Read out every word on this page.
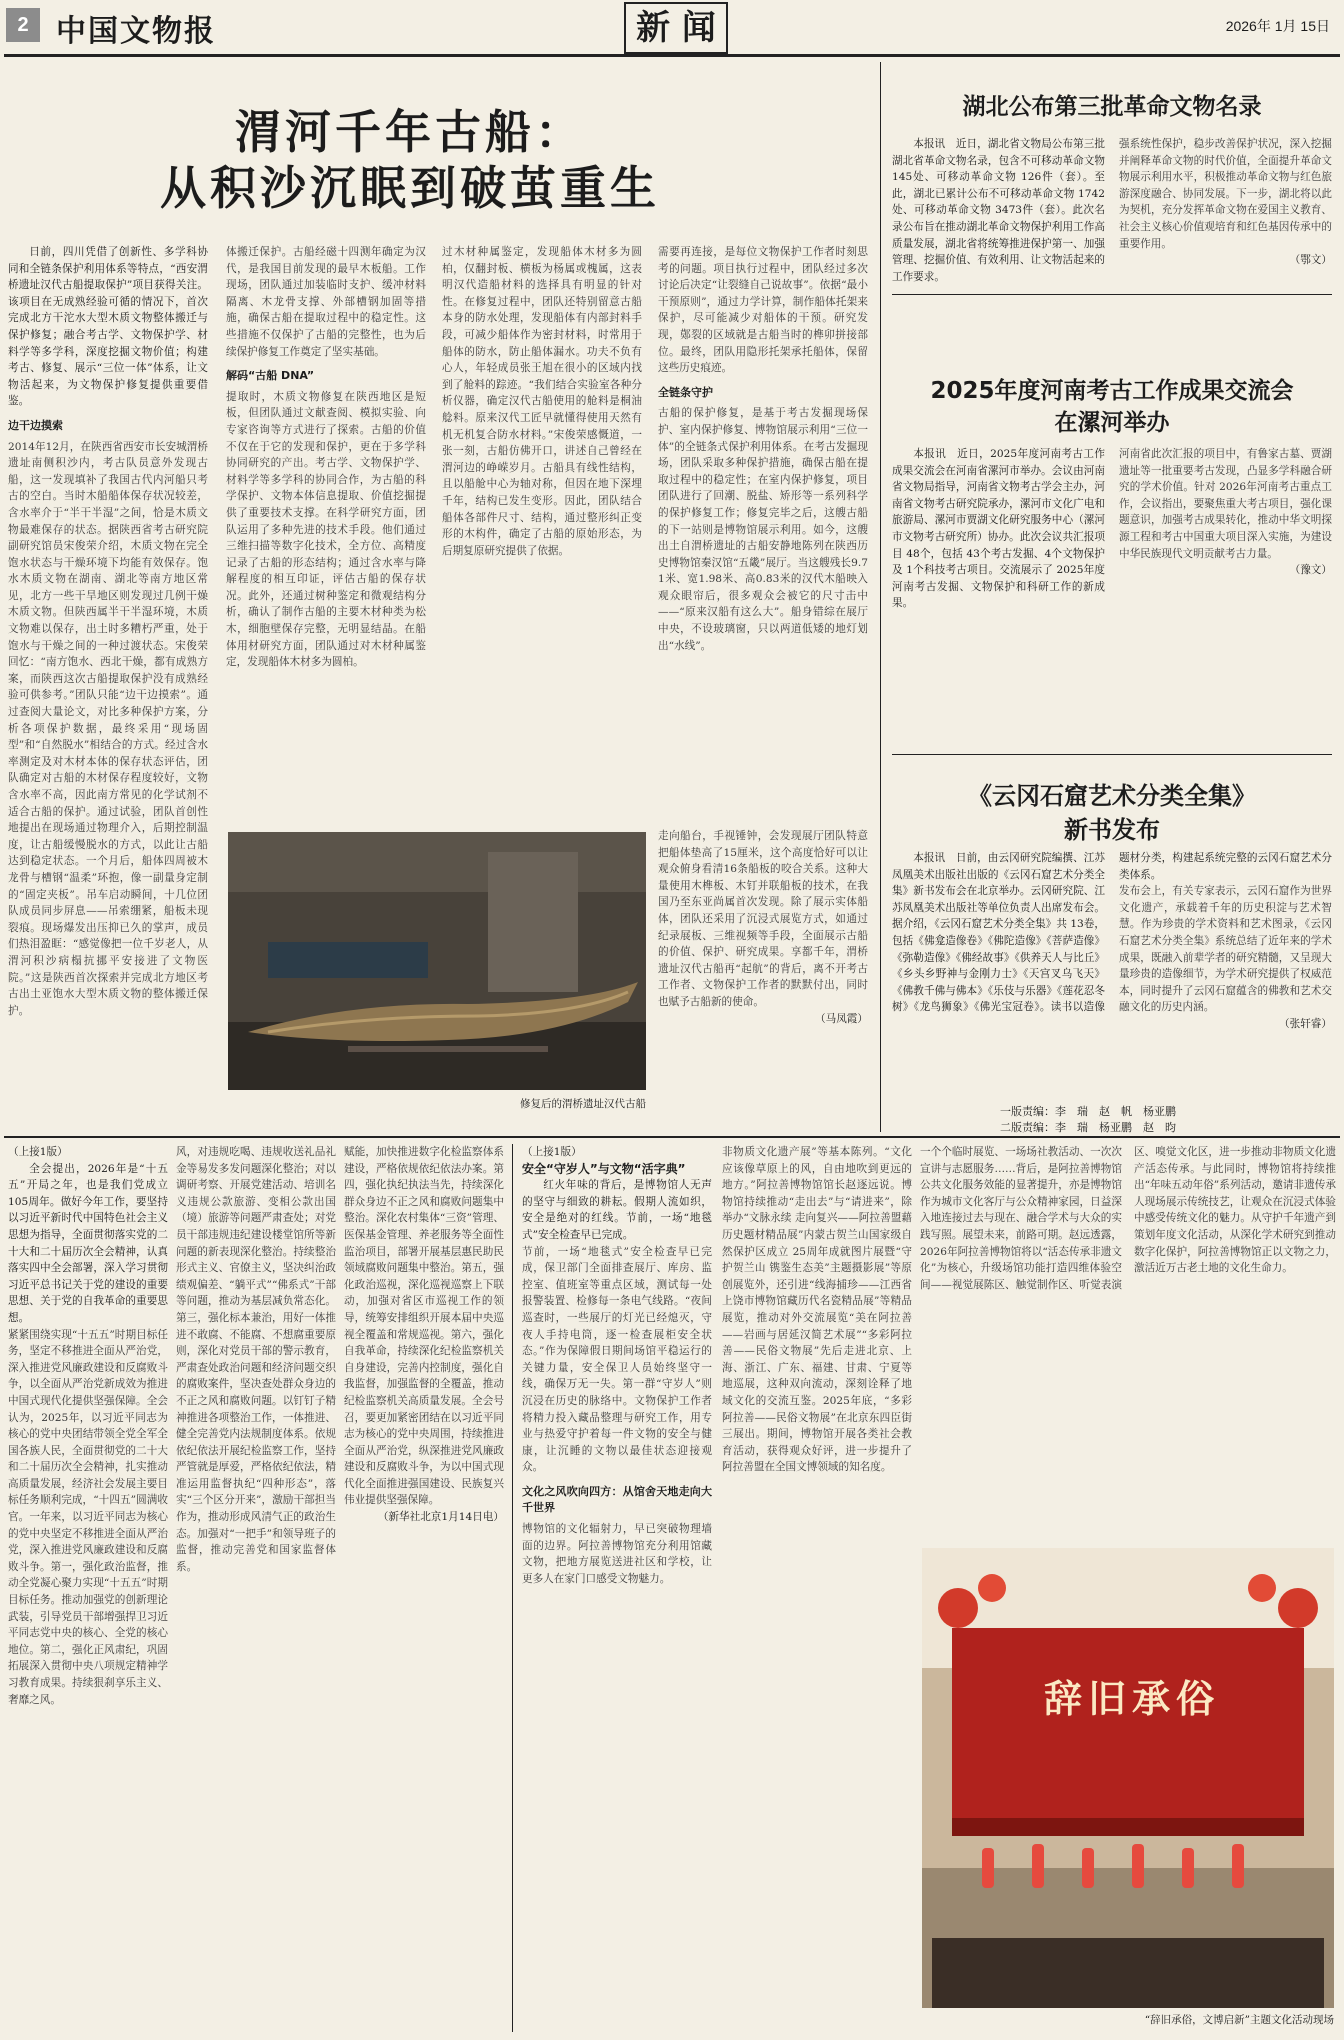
2 中国文物报	新 闻	2026年 1月 15日
渭河千年古船：
从积沙沉眠到破茧重生

日前，四川凭借了创新性、多学科协同和全链条保护利用体系等特点，“西安渭桥遗址汉代古船提取保护”项目获得关注。该项目在无成熟经验可循的情况下，首次完成北方干沱水大型木质文物整体搬迁与保护修复；融合考古学、文物保护学、材料学等多学科，深度挖掘文物价值；构建考古、修复、展示“三位一体”体系，让文物活起来，为文物保护修复提供重要借鉴。

边干边摸索
2014年12月，在陕西省西安市长安城渭桥遗址南侧积沙内，考古队员意外发现古船，这一发现填补了我国古代内河船只考古的空白。当时木船船体保存状况较差，含水率介于“半干半湿”之间，恰是木质文物最难保存的状态。据陕西省考古研究院副研究馆员宋俊荣介绍，木质文物在完全饱水状态与干燥环境下均能有效保存。饱水木质文物在湖南、湖北等南方地区常见，北方一些干旱地区则发现过几例干燥木质文物。但陕西属半干半湿环境，木质文物难以保存，出土时多糟朽严重，处于饱水与干燥之间的一种过渡状态。宋俊荣回忆：“南方饱水、西北干燥，都有成熟方案，而陕西这次古船提取保护没有成熟经验可供参考。”团队只能“边干边摸索”。通过查阅大量论文，对比多种保护方案，分析各项保护数据，最终采用“现场固型”和“自然脱水”相结合的方式。经过含水率测定及对木材本体的保存状态评估，团队确定对古船的木材保存程度较好，文物含水率不高，因此南方常见的化学试剂不适合古船的保护。通过试验，团队首创性地提出在现场通过物理介入，后期控制温度，让古船缓慢脱水的方式，以此让古船达到稳定状态。一个月后，船体四周被木龙骨与槽钢“温柔”环抱，像一副量身定制的“固定夹板”。吊车启动瞬间，十几位团队成员同步屏息——吊索绷紧，船板未现裂痕。现场爆发出压抑已久的掌声，成员们热泪盈眶：“感觉像把一位千岁老人，从渭河积沙病榻抗挪平安接进了文物医院。”这是陕西首次探索并完成北方地区考古出土亚饱水大型木质文物的整体搬迁保护。
体搬迁保护。古船经磁十四测年确定为汉代，是我国目前发现的最早木板船。工作现场，团队通过加装临时支护、缓冲材料隔离、木龙骨支撑、外部槽钢加固等措施，确保古船在提取过程中的稳定性。这些措施不仅保护了古船的完整性，也为后续保护修复工作奠定了坚实基础。
解码“古船 DNA”
提取时，木质文物修复在陕西地区是短板，但团队通过文献查阅、模拟实验、向专家咨询等方式进行了探索。古船的价值不仅在于它的发现和保护，更在于多学科协同研究的产出。考古学、文物保护学、材料学等多学科的协同合作，为古船的科学保护、文物本体信息提取、价值挖掘提供了重要技术支撑。在科学研究方面，团队运用了多种先进的技术手段。他们通过三维扫描等数字化技术，全方位、高精度记录了古船的形态结构；通过含水率与降解程度的相互印证，评估古船的保存状况。此外，还通过树种鉴定和微观结构分析，确认了制作古船的主要木材种类为松木，细胞壁保存完整，无明显结晶。在船体用材研究方面，团队通过对木材种属鉴定，发现船体木材多为圆柏。
过木材种属鉴定，发现船体木材多为圆柏，仅翻封板、横板为杨属或槐属，这表明汉代造船材料的选择具有明显的针对性。在修复过程中，团队还特别留意古船本身的防水处理，发现船体有内部封料手段，可减少船体作为密封材料，时常用于船体的防水，防止船体漏水。功夫不负有心人，年轻成员张王旭在很小的区域内找到了舱料的踪迹。“我们结合实验室各种分析仪器，确定汉代古船使用的舱料是桐油艌料。原来汉代工匠早就懂得使用天然有机无机复合防水材料。”宋俊荣感慨道，一张一刻，古船仿佛开口，讲述自己曾经在渭河边的峥嵘岁月。古船具有线性结构，且以船舱中心为轴对称，但因在地下深埋千年，结构已发生变形。因此，团队结合船体各部件尺寸、结构，通过整形纠正变形的木构件，确定了古船的原始形态，为后期复原研究提供了依据。
需要再连接，是每位文物保护工作者时刻思考的问题。项目执行过程中，团队经过多次讨论后决定“让裂缝自己说故事”。依据“最小干预原则”，通过力学计算，制作船体托架来保护，尽可能减少对船体的干预。研究发现，鄚裂的区域就是古船当时的榫卯拼接部位。最终，团队用隐形托架承托船体，保留这些历史痕迹。
全链条守护
古船的保护修复，是基于考古发掘现场保护、室内保护修复、博物馆展示利用“三位一体”的全链条式保护利用体系。在考古发掘现场，团队采取多种保护措施，确保古船在提取过程中的稳定性；在室内保护修复，项目团队进行了回潮、脱盐、矫形等一系列科学的保护修复工作；修复完毕之后，这艘古船的下一站则是博物馆展示利用。如今，这艘出土自渭桥遗址的古船安静地陈列在陕西历史博物馆秦汉馆“五畿”展厅。当这艘残长9.71米、宽1.98米、高0.83米的汉代木船映入观众眼帘后，很多观众会被它的尺寸击中——“原来汉船有这么大”。船身错综在展厅中央，不设玻璃窗，只以两道低矮的地灯划出“水线”。
修复后的渭桥遗址汉代古船
走向船台，手视锤钟，会发现展厅团队特意把船体垫高了15厘米，这个高度恰好可以让观众俯身看清16条船板的咬合关系。这种大量使用木榫板、木钉并联船板的技术，在我国乃至东亚尚属首次发现。除了展示实体船体，团队还采用了沉浸式展览方式，如通过纪录展板、三维视频等手段，全面展示古船的价值、保护、研究成果。享都千年，渭桥遗址汉代古船再“起航”的背后，离不开考古工作者、文物保护工作者的默默付出，同时也赋予古船新的使命。

（马凤霞）

湖北公布第三批革命文物名录

本报讯　近日，湖北省文物局公布第三批湖北省革命文物名录，包含不可移动革命文物 145处、可移动革命文物 126件（套）。至此，湖北已累计公布不可移动革命文物 1742处、可移动革命文物 3473件（套）。此次名录公布旨在推动湖北革命文物保护利用工作高质量发展，湖北省将统筹推进保护第一、加强管理、挖掘价值、有效利用、让文物活起来的工作要求。

强系统性保护，稳步改善保护状况，深入挖掘并阐释革命文物的时代价值，全面提升革命文物展示利用水平，积极推动革命文物与红色旅游深度融合、协同发展。下一步，湖北将以此为契机，充分发挥革命文物在爱国主义教育、社会主义核心价值观培育和红色基因传承中的重要作用。

（鄂文）

2025年度河南考古工作成果交流会
在漯河举办

本报讯　近日，2025年度河南考古工作成果交流会在河南省漯河市举办。会议由河南省文物局指导，河南省文物考古学会主办，河南省文物考古研究院承办，漯河市文化广电和旅游局、漯河市贾湖文化研究服务中心（漯河市文物考古研究所）协办。此次会议共汇报项目 48个，包括 43个考古发掘、4个文物保护及 1个科技考古项目。交流展示了 2025年度河南考古发掘、文物保护和科研工作的新成果。

河南省此次汇报的项目中，有鲁家古墓、贾湖遗址等一批重要考古发现，凸显多学科融合研究的学术价值。针对 2026年河南考古重点工作，会议指出，要聚焦重大考古项目，强化课题意识，加强考古成果转化，推动中华文明探源工程和考古中国重大项目深入实施，为建设中华民族现代文明贡献考古力量。

（豫文）

《云冈石窟艺术分类全集》
新书发布

本报讯　日前，由云冈研究院编撰、江苏凤凰美术出版社出版的《云冈石窟艺术分类全集》新书发布会在北京举办。云冈研究院、江苏凤凰美术出版社等单位负责人出席发布会。据介绍，《云冈石窟艺术分类全集》共 13卷，包括《佛龛造像卷》《佛陀造像》《菩萨造像》《弥勒造像》《佛经故事》《供养天人与比丘》《乡头乡野神与金刚力士》《天宫叉乌飞天》《佛教千佛与佛本》《乐伎与乐器》《莲花忍冬树》《龙鸟狮象》《佛光宝冠卷》。读书以造像题材分类，构建起系统完整的云冈石窟艺术分类体系。

发布会上，有关专家表示，云冈石窟作为世界文化遗产，承载着千年的历史积淀与艺术智慧。作为珍贵的学术资料和艺术图录，《云冈石窟艺术分类全集》系统总结了近年来的学术成果，既融入前辈学者的研究精髓，又呈现大量珍贵的造像细节，为学术研究提供了权威范本，同时提升了云冈石窟蕴含的佛教和艺术交融文化的历史内涵。

（张轩睿）

一版责编：李　瑞　赵　帆　杨亚鹏
二版责编：李　瑞　杨亚鹏　赵　昀

（上接1版）

全会提出，2026年是“十五五”开局之年，也是我们党成立 105周年。做好今年工作，要坚持以习近平新时代中国特色社会主义思想为指导，全面贯彻落实党的二十大和二十届历次全会精神，认真落实四中全会部署，深入学习贯彻习近平总书记关于党的建设的重要思想、关于党的自我革命的重要思想。

紧紧围绕实现“十五五”时期目标任务，坚定不移推进全面从严治党，深入推进党风廉政建设和反腐败斗争，以全面从严治党新成效为推进中国式现代化提供坚强保障。全会认为，2025年，以习近平同志为核心的党中央团结带领全党全军全国各族人民，全面贯彻党的二十大和二十届历次全会精神，扎实推动高质量发展，经济社会发展主要目标任务顺利完成，“十四五”圆满收官。一年来，以习近平同志为核心的党中央坚定不移推进全面从严治党，深入推进党风廉政建设和反腐败斗争。第一，强化政治监督，推动全党凝心聚力实现“十五五”时期目标任务。推动加强党的创新理论武装，引导党员干部增强捍卫习近平同志党中央的核心、全党的核心地位。第二，强化正风肃纪，巩固拓展深入贯彻中央八项规定精神学习教育成果。持续狠刹享乐主义、奢靡之风。
风，对违规吃喝、违规收送礼品礼金等易发多发问题深化整治；对以调研考察、开展党建活动、培训名义违规公款旅游、变相公款出国（境）旅游等问题严肃查处；对党员干部违规违纪建设楼堂馆所等新问题的新表现深化整治。持续整治形式主义、官僚主义，坚决纠治政绩观偏差、“躺平式”“佛系式”干部等问题，推动为基层减负常态化。第三，强化标本兼治，用好一体推进不敢腐、不能腐、不想腐重要原则，深化对党员干部的警示教育，严肃查处政治问题和经济问题交织的腐败案件，坚决查处群众身边的不正之风和腐败问题。以钉钉子精神推进各项整治工作，一体推进、健全完善党内法规制度体系。依规依纪依法开展纪检监察工作，坚持严管就是厚爱，严格依纪依法，精准运用监督执纪“四种形态”，落实“三个区分开来”，激励干部担当作为，推动形成风清气正的政治生态。加强对“一把手”和领导班子的监督，推动完善党和国家监督体系。
赋能，加快推进数字化检监察体系建设，严格依规依纪依法办案。第四，强化执纪执法当先，持续深化群众身边不正之风和腐败问题集中整治。深化农村集体“三资”管理、医保基金管理、养老服务等全面性监治项目，部署开展基层惠民助民领域腐败问题集中整治。第五，强化政治巡视，深化巡视巡察上下联动，加强对省区市巡视工作的领导，统筹安排组织开展本届中央巡视全覆盖和常规巡视。第六，强化自我革命，持续深化纪检监察机关自身建设，完善内控制度，强化自我监督，加强监督的全覆盖，推动纪检监察机关高质量发展。全会号召，要更加紧密团结在以习近平同志为核心的党中央周围，持续推进全面从严治党，纵深推进党风廉政建设和反腐败斗争，为以中国式现代化全面推进强国建设、民族复兴伟业提供坚强保障。

（新华社北京1月14日电）

（上接1版）

安全“守岁人”与文物“活字典”

红火年味的背后，是博物馆人无声的坚守与细致的耕耘。假期人流如织，安全是绝对的红线。节前，一场“地毯式”安全检查早已完成。

节前，一场“地毯式”安全检查早已完成，保卫部门全面排查展厅、库房、监控室、值班室等重点区域，测试每一处报警装置、检修每一条电气线路。“夜间巡查时，一些展厅的灯光已经熄灭，守夜人手持电筒，逐一检查展柜安全状态。”作为保障假日期间场馆平稳运行的关键力量，安全保卫人员始终坚守一线，确保万无一失。第一群“守岁人”则沉浸在历史的脉络中。文物保护工作者将精力投入藏品整理与研究工作，用专业与热爱守护着每一件文物的安全与健康，让沉睡的文物以最佳状态迎接观众。
文化之风吹向四方：从馆舍天地走向大千世界
博物馆的文化辐射力，早已突破物理墙面的边界。阿拉善博物馆充分利用馆藏文物，把地方展览送进社区和学校，让更多人在家门口感受文物魅力。
非物质文化遗产展”等基本陈列。“文化应该像草原上的风，自由地吹到更远的地方。”阿拉善博物馆馆长赵逐远说。博物馆持续推动“走出去”与“请进来”，除举办“文脉永续 走向复兴——阿拉善盟藉历史题材精品展”内蒙古贺兰山国家级自然保护区成立 25周年成就图片展暨“守护贺兰山 镌鉴生态美”主题摄影展”等原创展览外，还引进“线海捕珍——江西省上饶市博物馆藏历代名瓷精品展”等精品展览，推动对外交流展览“美在阿拉善——岩画与居延汉简艺术展”“多彩阿拉善——民俗文物展”先后走进北京、上海、浙江、广东、福建、甘肃、宁夏等地巡展，这种双向流动，深刻诠释了地域文化的交流互鉴。2025年底，“多彩阿拉善——民俗文物展”在北京东四臣街三展出。期间，博物馆开展各类社会教育活动，获得观众好评，进一步提升了阿拉善盟在全国文博领域的知名度。
一个个临时展览、一场场社教活动、一次次宣讲与志愿服务……背后，是阿拉善博物馆公共文化服务效能的显著提升，亦是博物馆作为城市文化客厅与公众精神家园，日益深入地连接过去与现在、融合学术与大众的实践写照。展望未来，前路可期。赵远透露，2026年阿拉善博物馆将以“活态传承非遗文化”为核心，升级场馆功能打造四维体验空间——视觉展陈区、触觉制作区、听觉表演区、嗅觉文化区，进一步推动非物质文化遗产活态传承。与此同时，博物馆将持续推出“年味五动年俗”系列活动，邀请非遗传承人现场展示传统技艺，让观众在沉浸式体验中感受传统文化的魅力。从守护千年遗产到策划年度文化活动，从深化学术研究到推动数字化保护，阿拉善博物馆正以文物之力，激活近万古老土地的文化生命力。
辞旧承俗
“辞旧承俗，文博启新”主题文化活动现场
